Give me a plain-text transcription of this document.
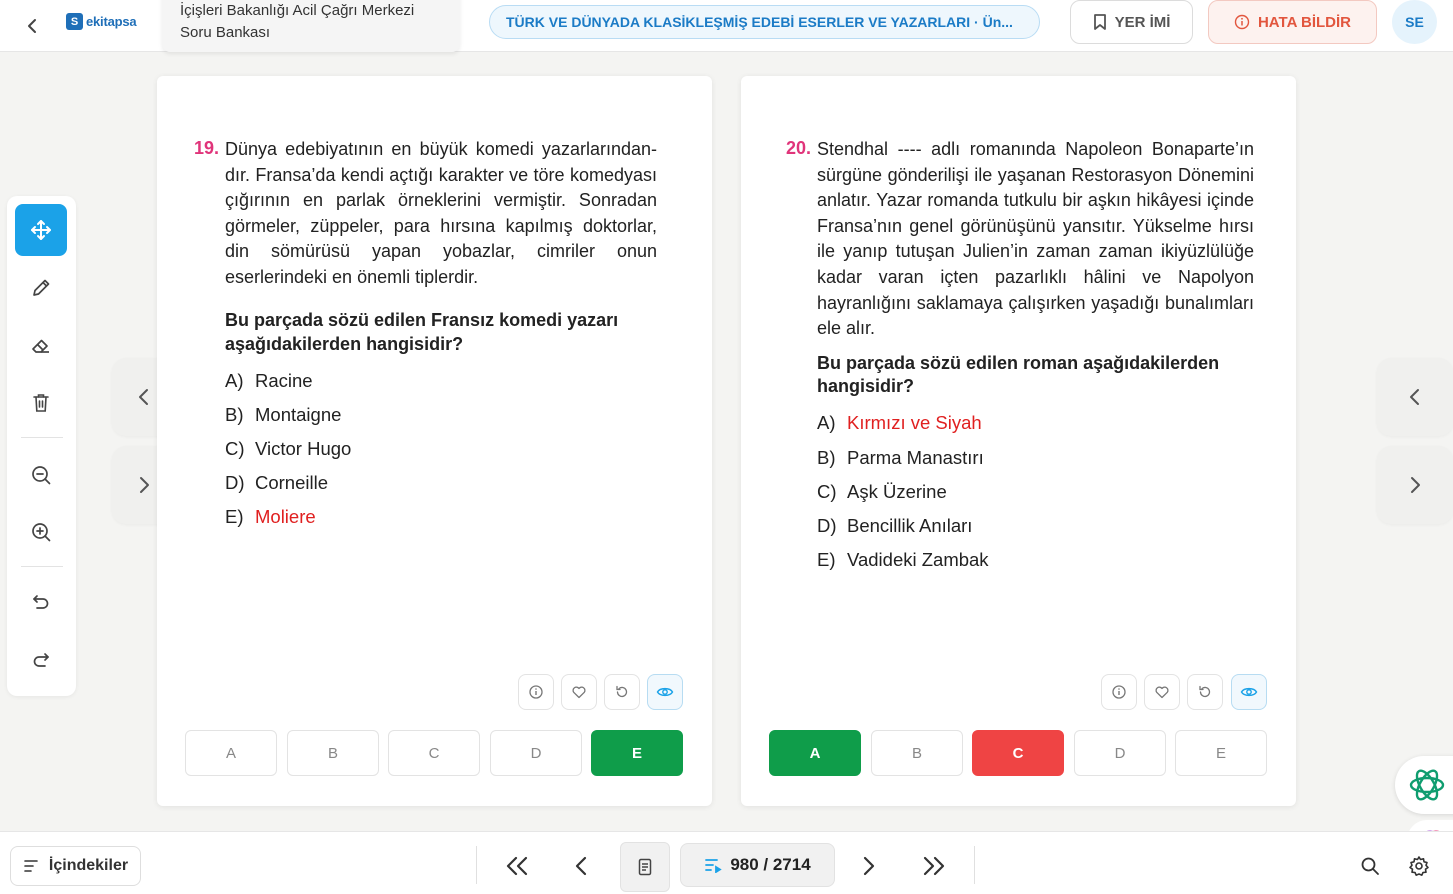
S ekitapsa
İçişleri Bakanlığı Acil Çağrı Merkezi Soru Bankası
TÜRK VE DÜNYADA KLASİKLEŞMİŞ EDEBİ ESERLER VE YAZARLARI · Ün...	YER İMİ	HATA BİLDİR	SE
19. Dünya edebiyatının en büyük komedi yazarlarındandır. Fransa’da kendi açtığı karakter ve töre komedyası çığırının en parlak örneklerini vermiştir. Sonradan görmeler, züppeler, para hırsına kapılmış doktorlar, din sömürüsü yapan yobazlar, cimriler onun eserlerindeki en önemli tiplerdir.
Bu parçada sözü edilen Fransız komedi yazarı aşağıdakilerden hangisidir?
A) Racine
B) Montaigne
C) Victor Hugo
D) Corneille
E) Moliere
A	B	C	D	E
20. Stendhal ---- adlı romanında Napoleon Bonaparte’ın sürgüne gönderilişi ile yaşanan Restorasyon Dönemini anlatır. Yazar romanda tutkulu bir aşkın hikâyesi içinde Fransa’nın genel görünüşünü yansıtır. Yükselme hırsı ile yanıp tutuşan Julien’in zaman zaman ikiyüzlülüğe kadar varan içten pazarlıklı hâlini ve Napolyon hayranlığını saklamaya çalışırken yaşadığı bunalımları ele alır.
Bu parçada sözü edilen roman aşağıdakilerden hangisidir?
A) Kırmızı ve Siyah
B) Parma Manastırı
C) Aşk Üzerine
D) Bencillik Anıları
E) Vadideki Zambak
A	B	C	D	E
İçindekiler	980 / 2714
